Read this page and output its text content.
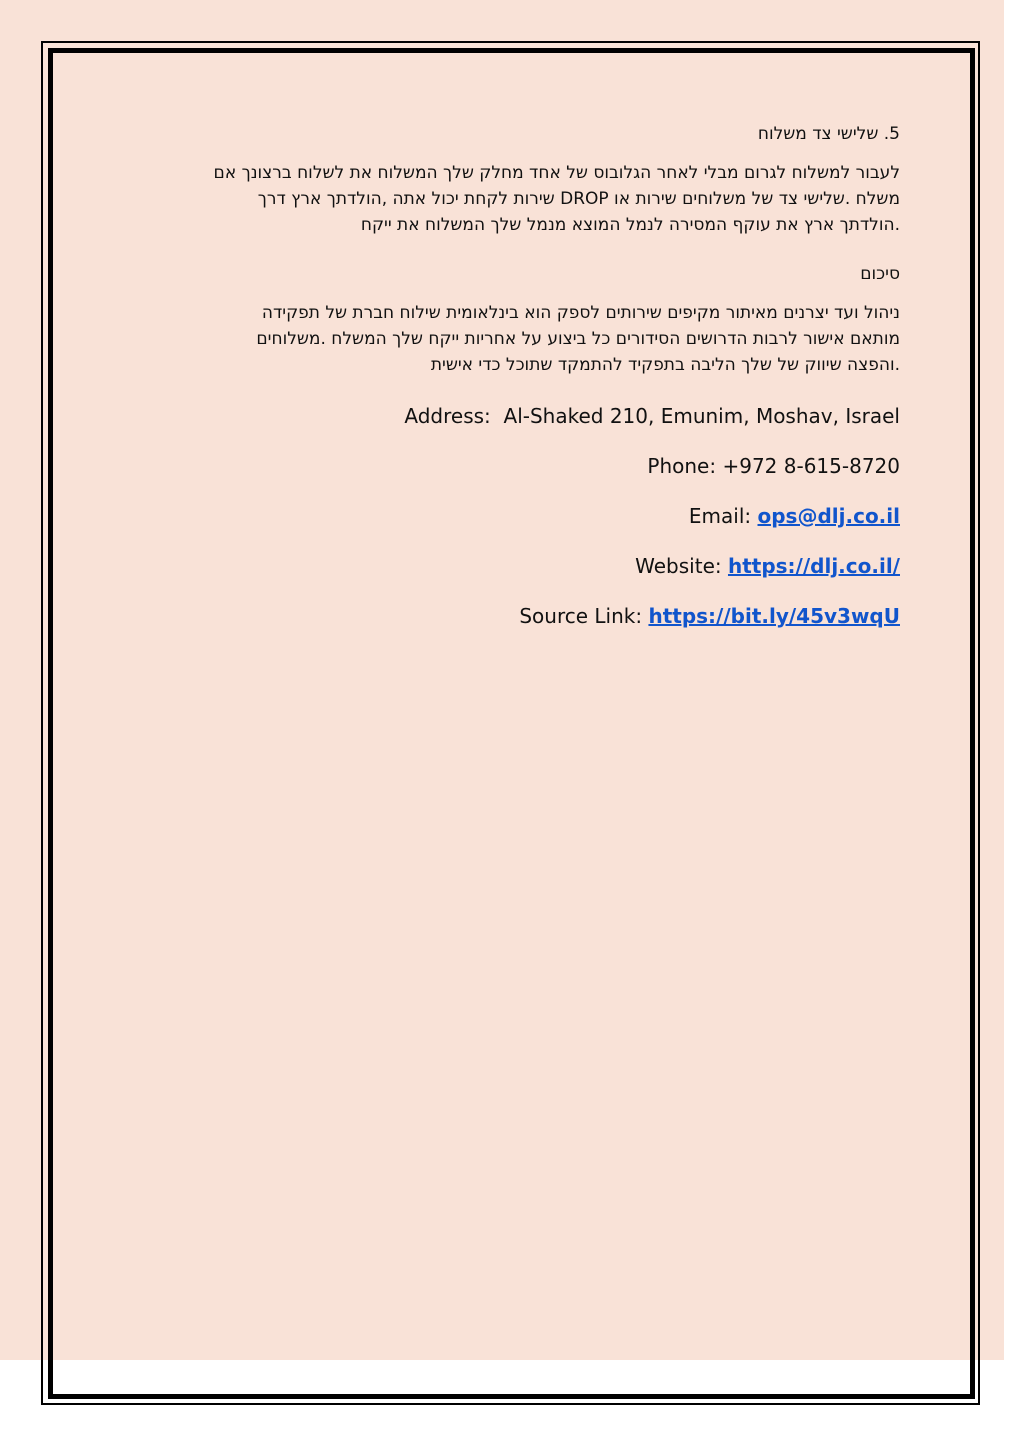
5. שלישי צד משלוח
לעבור למשלוח לגרום מבלי לאחר הגלובוס של אחד מחלק שלך המשלוח את לשלוח ברצונך אם
משלח .שלישי צד של משלוחים שירות או DROP שירות לקחת יכול אתה ,הולדתך ארץ דרך
.הולדתך ארץ את עוקף המסירה לנמל המוצא מנמל שלך המשלוח את ייקח
סיכום
ניהול ועד יצרנים מאיתור מקיפים שירותים לספק הוא בינלאומית שילוח חברת של תפקידה
מותאם אישור לרבות הדרושים הסידורים כל ביצוע על אחריות ייקח שלך המשלח .משלוחים
.והפצה שיווק של שלך הליבה בתפקיד להתמקד שתוכל כדי אישית
Address: Al-Shaked 210, Emunim, Moshav, Israel
Phone: +972 8-615-8720
Email: ops@dlj.co.il
Website: https://dlj.co.il/
Source Link: https://bit.ly/45v3wqU
